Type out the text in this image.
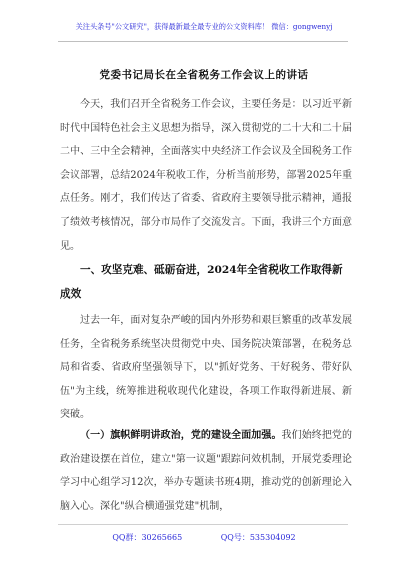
关注头条号"公文研究"，获得最新最全最专业的公文资料库！ 微信：gongwenyj
党委书记局长在全省税务工作会议上的讲话
今天，我们召开全省税务工作会议，主要任务是：以习近平新时代中国特色社会主义思想为指导，深入贯彻党的二十大和二十届二中、三中全会精神，全面落实中央经济工作会议及全国税务工作会议部署，总结2024年税收工作，分析当前形势，部署2025年重点任务。刚才，我们传达了省委、省政府主要领导批示精神，通报了绩效考核情况，部分市局作了交流发言。下面，我讲三个方面意见。
一、攻坚克难、砥砺奋进，2024年全省税收工作取得新成效
过去一年，面对复杂严峻的国内外形势和艰巨繁重的改革发展任务，全省税务系统坚决贯彻党中央、国务院决策部署，在税务总局和省委、省政府坚强领导下，以"抓好党务、干好税务、带好队伍"为主线，统筹推进税收现代化建设，各项工作取得新进展、新突破。
（一）旗帜鲜明讲政治，党的建设全面加强。我们始终把党的政治建设摆在首位，建立"第一议题"跟踪问效机制，开展党委理论学习中心组学习12次，举办专题读书班4期，推动党的创新理论入脑入心。深化"纵合横通强党建"机制，
QQ群：30265665	QQ号：535304092
